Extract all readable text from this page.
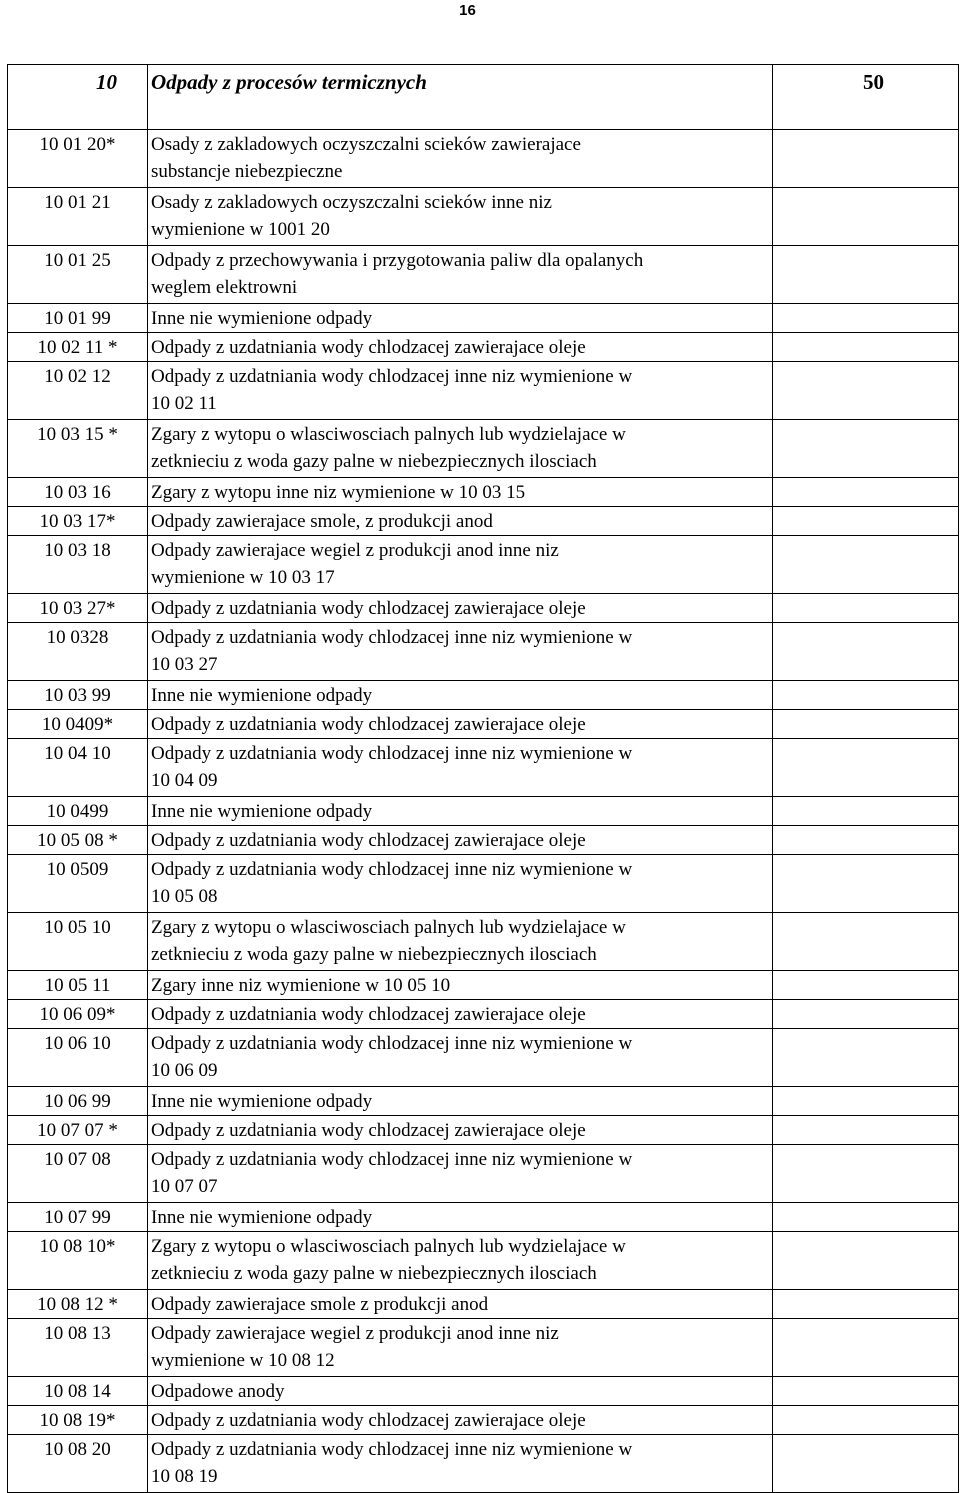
16
10	Odpady z procesów termicznych	50
10 01 20*	Osady z zakladowych oczyszczalni scieków zawierajace
substancje niebezpieczne	

10 01 21	Osady z zakladowych oczyszczalni scieków inne niz
wymienione w 1001 20	

10 01 25	Odpady z przechowywania i przygotowania paliw dla opalanych
weglem elektrowni	

10 01 99	Inne nie wymienione odpady	

10 02 11 *	Odpady z uzdatniania wody chlodzacej zawierajace oleje	

10 02 12	Odpady z uzdatniania wody chlodzacej inne niz wymienione w
10 02 11	

10 03 15 *	Zgary z wytopu o wlasciwosciach palnych lub wydzielajace w
zetknieciu z woda gazy palne w niebezpiecznych ilosciach	

10 03 16	Zgary z wytopu inne niz wymienione w 10 03 15	

10 03 17*	Odpady zawierajace smole, z produkcji anod	

10 03 18	Odpady zawierajace wegiel z produkcji anod inne niz
wymienione w 10 03 17	

10 03 27*	Odpady z uzdatniania wody chlodzacej zawierajace oleje	

10 0328	Odpady z uzdatniania wody chlodzacej inne niz wymienione w
10 03 27	

10 03 99	Inne nie wymienione odpady	

10 0409*	Odpady z uzdatniania wody chlodzacej zawierajace oleje	

10 04 10	Odpady z uzdatniania wody chlodzacej inne niz wymienione w
10 04 09	

10 0499	Inne nie wymienione odpady	

10 05 08 *	Odpady z uzdatniania wody chlodzacej zawierajace oleje	

10 0509	Odpady z uzdatniania wody chlodzacej inne niz wymienione w
10 05 08	

10 05 10	Zgary z wytopu o wlasciwosciach palnych lub wydzielajace w
zetknieciu z woda gazy palne w niebezpiecznych ilosciach	

10 05 11	Zgary inne niz wymienione w 10 05 10	

10 06 09*	Odpady z uzdatniania wody chlodzacej zawierajace oleje	

10 06 10	Odpady z uzdatniania wody chlodzacej inne niz wymienione w
10 06 09	

10 06 99	Inne nie wymienione odpady	

10 07 07 *	Odpady z uzdatniania wody chlodzacej zawierajace oleje	

10 07 08	Odpady z uzdatniania wody chlodzacej inne niz wymienione w
10 07 07	

10 07 99	Inne nie wymienione odpady	

10 08 10*	Zgary z wytopu o wlasciwosciach palnych lub wydzielajace w
zetknieciu z woda gazy palne w niebezpiecznych ilosciach	

10 08 12 *	Odpady zawierajace smole z produkcji anod	

10 08 13	Odpady zawierajace wegiel z produkcji anod inne niz
wymienione w 10 08 12	

10 08 14	Odpadowe anody	

10 08 19*	Odpady z uzdatniania wody chlodzacej zawierajace oleje	

10 08 20	Odpady z uzdatniania wody chlodzacej inne niz wymienione w
10 08 19	
